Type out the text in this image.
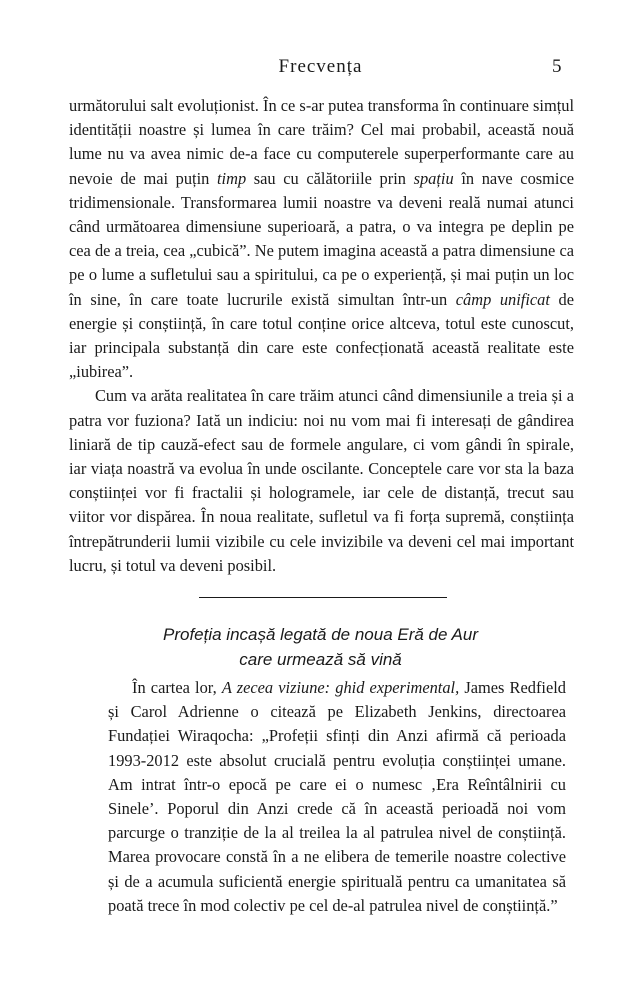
Frecvența	5

următorului salt evoluționist. În ce s-ar putea transforma în continuare simțul identității noastre și lumea în care trăim? Cel mai probabil, această nouă lume nu va avea nimic de-a face cu computerele superperformante care au nevoie de mai puțin timp sau cu călătoriile prin spațiu în nave cosmice tridimensionale. Transformarea lumii noastre va deveni reală numai atunci când următoarea dimensiune superioară, a patra, o va integra pe deplin pe cea de a treia, cea „cubică”. Ne putem imagina această a patra dimensiune ca pe o lume a sufletului sau a spiritului, ca pe o experiență, și mai puțin un loc în sine, în care toate lucrurile există simultan într-un câmp unificat de energie și conștiință, în care totul conține orice altceva, totul este cunoscut, iar principala substanță din care este confecționată această realitate este „iubirea”.

Cum va arăta realitatea în care trăim atunci când dimensiunile a treia și a patra vor fuziona? Iată un indiciu: noi nu vom mai fi interesați de gândirea liniară de tip cauză-efect sau de formele angulare, ci vom gândi în spirale, iar viața noastră va evolua în unde oscilante. Conceptele care vor sta la baza conștiinței vor fi fractalii și hologramele, iar cele de distanță, trecut sau viitor vor dispărea. În noua realitate, sufletul va fi forța supremă, conștiința întrepătrunderii lumii vizibile cu cele invizibile va deveni cel mai important lucru, și totul va deveni posibil.

Profeția incașă legată de noua Eră de Aur
care urmează să vină

În cartea lor, A zecea viziune: ghid experimental, James Redfield și Carol Adrienne o citează pe Elizabeth Jenkins, directoarea Fundației Wiraqocha: „Profeții sfinți din Anzi afirmă că perioada 1993-2012 este absolut crucială pentru evoluția conștiinței umane. Am intrat într-o epocă pe care ei o numesc ‚Era Reîntâlnirii cu Sinele’. Poporul din Anzi crede că în această perioadă noi vom parcurge o tranziție de la al treilea la al patrulea nivel de conștiință. Marea provocare constă în a ne elibera de temerile noastre colective și de a acumula suficientă energie spirituală pentru ca umanitatea să poată trece în mod colectiv pe cel de-al patrulea nivel de conștiință.”
